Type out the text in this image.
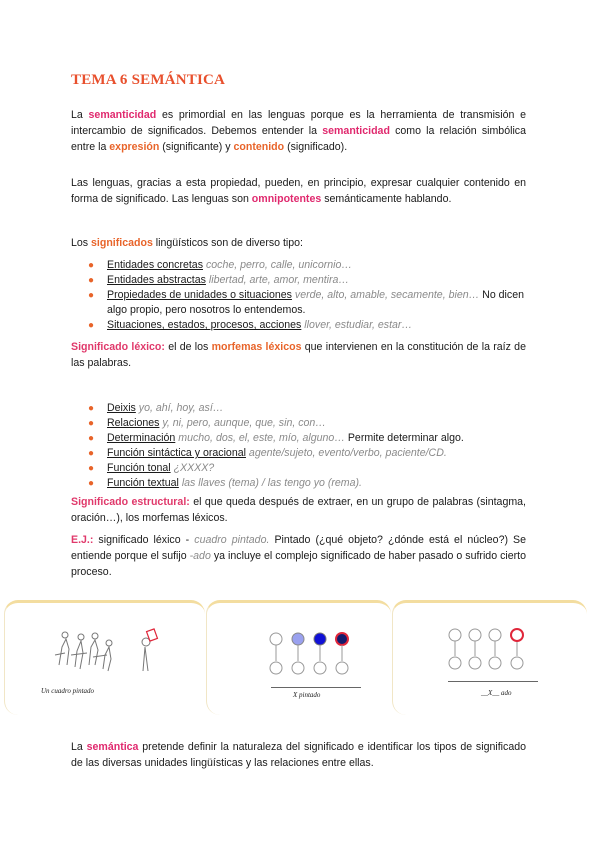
TEMA 6 SEMÁNTICA

La semanticidad es primordial en las lenguas porque es la herramienta de transmisión e intercambio de significados. Debemos entender la semanticidad como la relación simbólica entre la expresión (significante) y contenido (significado).

Las lenguas, gracias a esta propiedad, pueden, en principio, expresar cualquier contenido en forma de significado. Las lenguas son omnipotentes semánticamente hablando.

Los significados lingüísticos son de diverso tipo:

● Entidades concretas coche, perro, calle, unicornio…
● Entidades abstractas libertad, arte, amor, mentira…
● Propiedades de unidades o situaciones verde, alto, amable, secamente, bien… No dicen algo propio, pero nosotros lo entendemos.
● Situaciones, estados, procesos, acciones llover, estudiar, estar…

Significado léxico: el de los morfemas léxicos que intervienen en la constitución de la raíz de las palabras.

● Deixis yo, ahí, hoy, así…
● Relaciones y, ni, pero, aunque, que, sin, con…
● Determinación mucho, dos, el, este, mío, alguno… Permite determinar algo.
● Función sintáctica y oracional agente/sujeto, evento/verbo, paciente/CD.
● Función tonal ¿XXXX?
● Función textual las llaves (tema) / las tengo yo (rema).

Significado estructural: el que queda después de extraer, en un grupo de palabras (sintagma, oración…), los morfemas léxicos.

E.J.: significado léxico - cuadro pintado. Pintado (¿qué objeto? ¿dónde está el núcleo?) Se entiende porque el sufijo -ado ya incluye el complejo significado de haber pasado o sufrido cierto proceso.

Un cuadro pintado	X pintado	__X__ ado

La semántica pretende definir la naturaleza del significado e identificar los tipos de significado de las diversas unidades lingüísticas y las relaciones entre ellas.
